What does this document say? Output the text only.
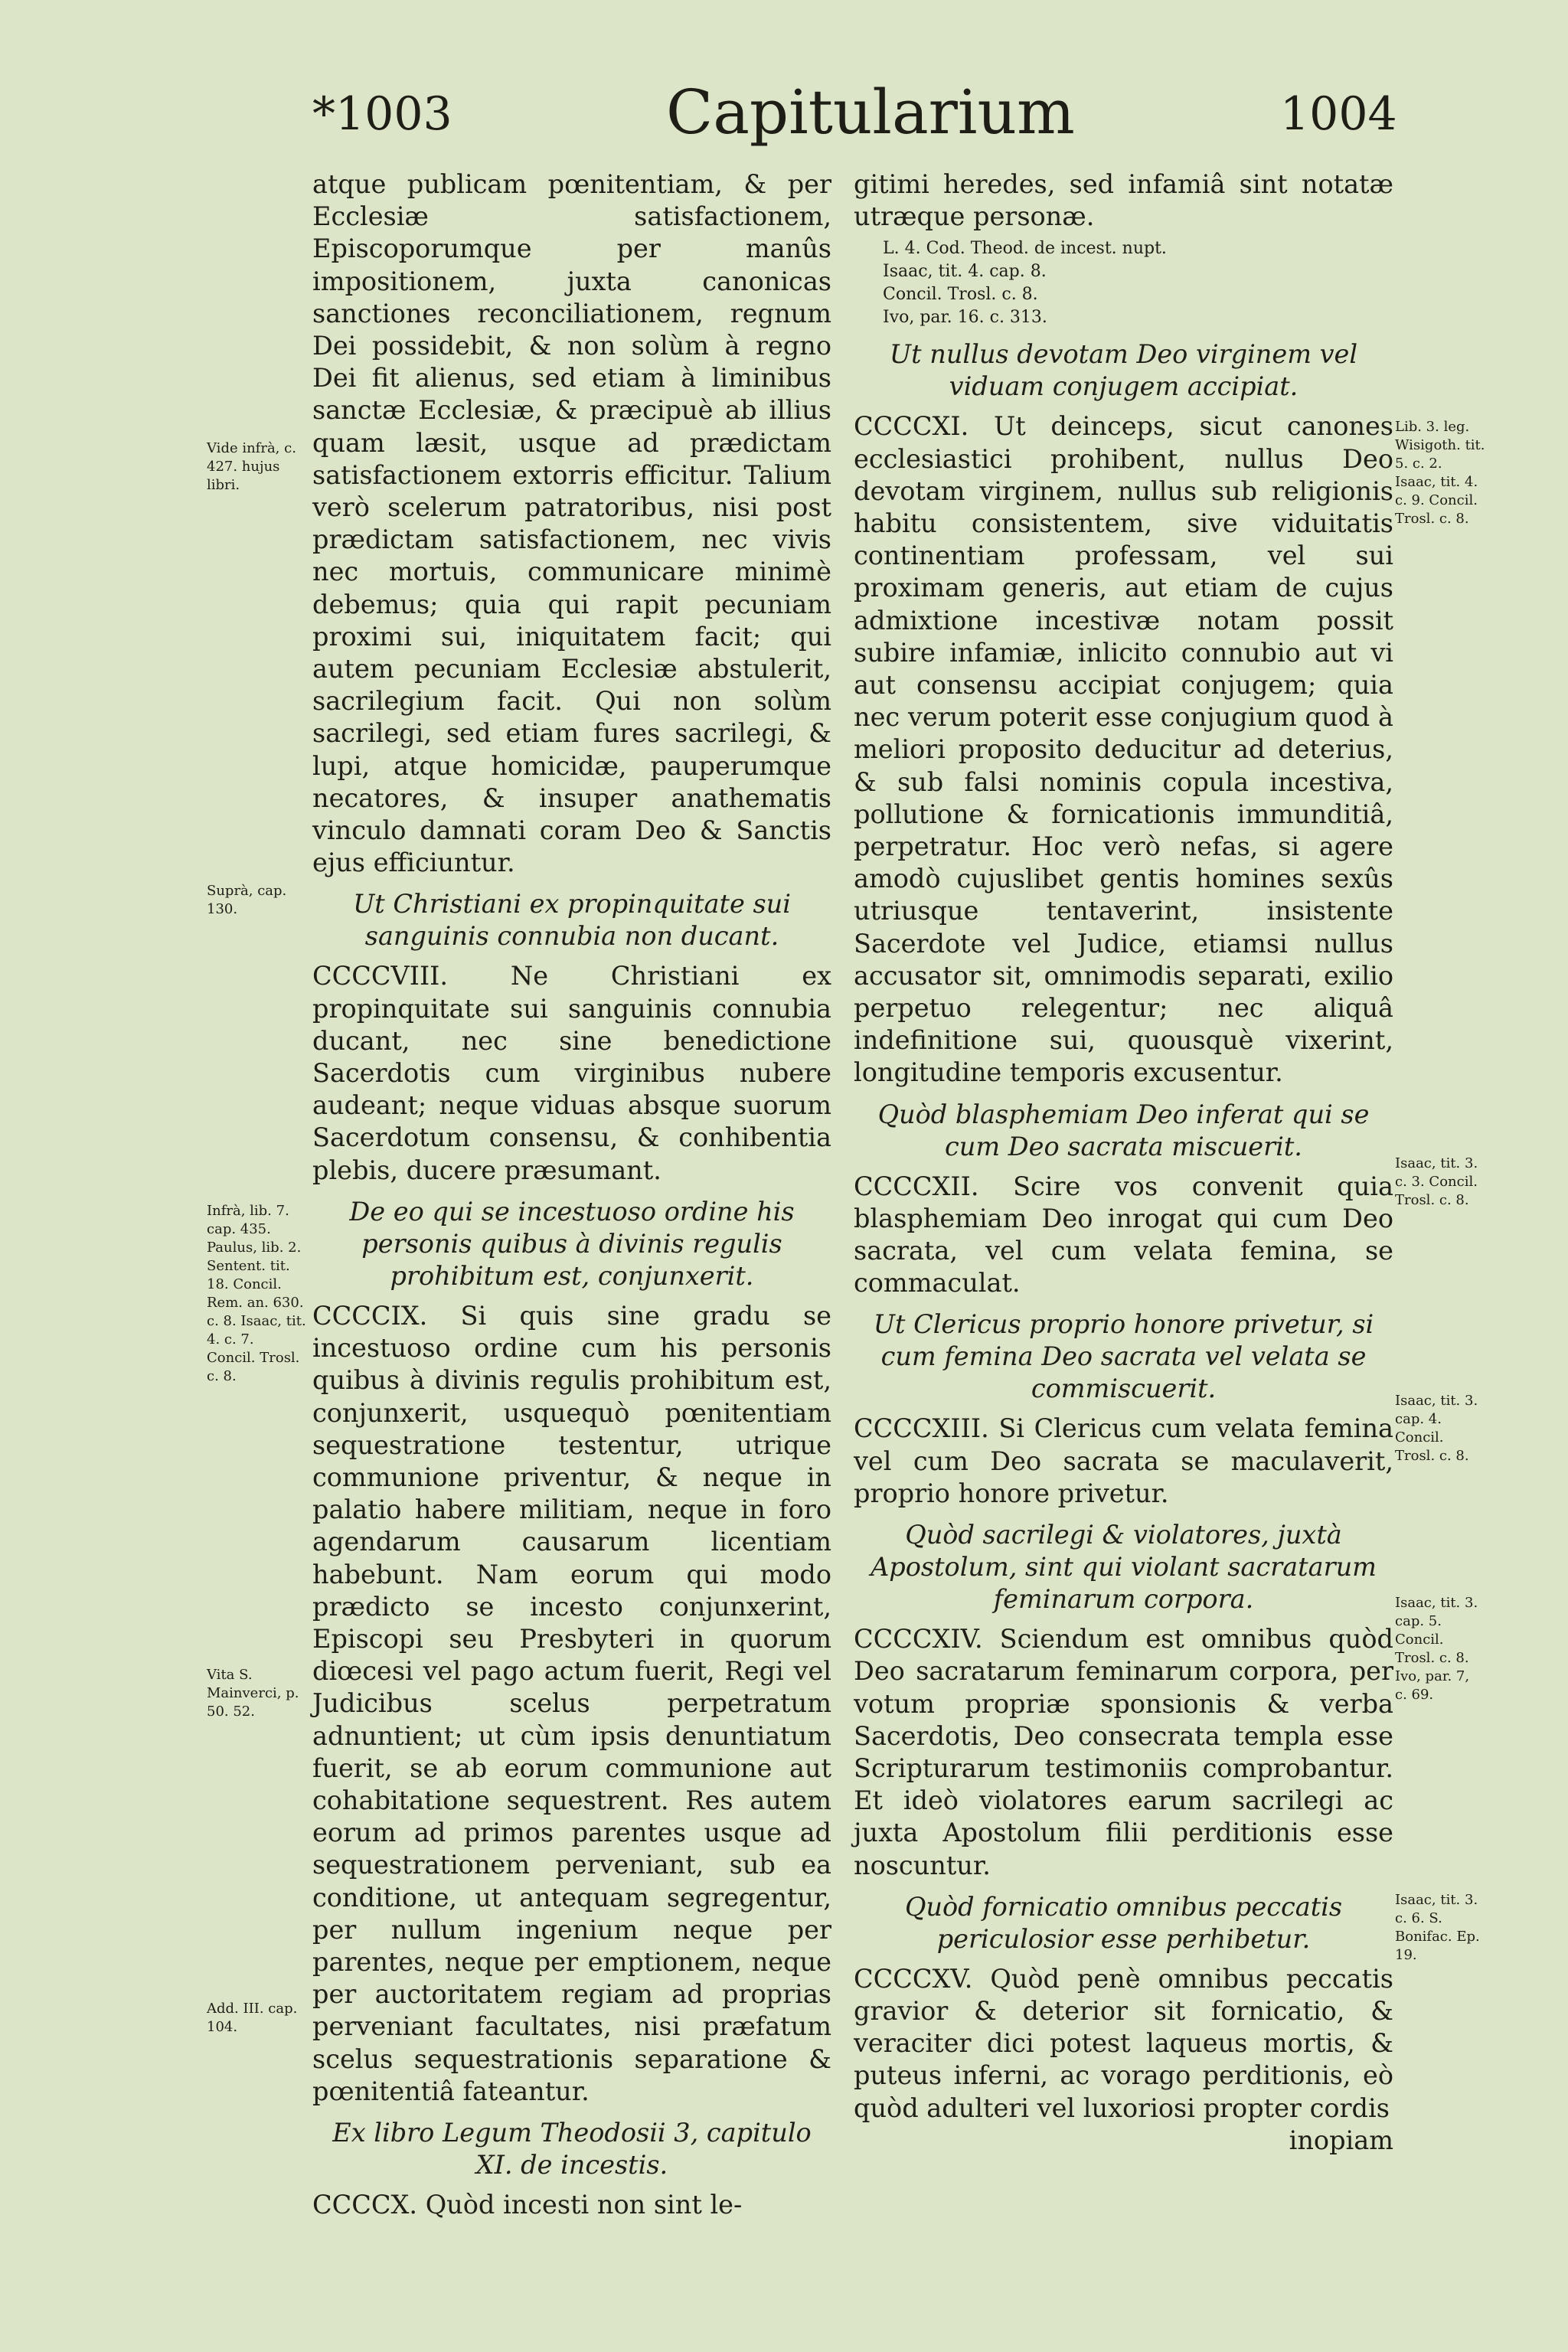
*1003	Capitularium	1004
Vide infrà, c. 427. hujus libri.
Suprà, cap. 130.
Infrà, lib. 7. cap. 435. Paulus, lib. 2. Sentent. tit. 18. Concil. Rem. an. 630. c. 8. Isaac, tit. 4. c. 7. Concil. Trosl. c. 8.
Vita S. Mainverci, p. 50. 52.
Add. III. cap. 104.
Lib. 3. leg. Wisigoth. tit. 5. c. 2. Isaac, tit. 4. c. 9. Concil. Trosl. c. 8.
Isaac, tit. 3. c. 3. Concil. Trosl. c. 8.
Isaac, tit. 3. cap. 4. Concil. Trosl. c. 8.
Isaac, tit. 3. cap. 5. Concil. Trosl. c. 8. Ivo, par. 7, c. 69.
Isaac, tit. 3. c. 6. S. Bonifac. Ep. 19.

atque publicam pœnitentiam, & per Ecclesiæ satisfactionem, Episcoporumque per manûs impositionem, juxta canonicas sanctiones reconciliationem, regnum Dei possidebit, & non solùm à regno Dei fit alienus, sed etiam à liminibus sanctæ Ecclesiæ, & præcipuè ab illius quam læsit, usque ad prædictam satisfactionem extorris efficitur. Talium verò scelerum patratoribus, nisi post prædictam satisfactionem, nec vivis nec mortuis, communicare minimè debemus; quia qui rapit pecuniam proximi sui, iniquitatem facit; qui autem pecuniam Ecclesiæ abstulerit, sacrilegium facit. Qui non solùm sacrilegi, sed etiam fures sacrilegi, & lupi, atque homicidæ, pauperumque necatores, & insuper anathematis vinculo damnati coram Deo & Sanctis ejus efficiuntur.

Ut Christiani ex propinquitate sui sanguinis connubia non ducant.

CCCCVIII. Ne Christiani ex propinquitate sui sanguinis connubia ducant, nec sine benedictione Sacerdotis cum virginibus nubere audeant; neque viduas absque suorum Sacerdotum consensu, & conhibentia plebis, ducere præsumant.

De eo qui se incestuoso ordine his personis quibus à divinis regulis prohibitum est, conjunxerit.

CCCCIX. Si quis sine gradu se incestuoso ordine cum his personis quibus à divinis regulis prohibitum est, conjunxerit, usquequò pœnitentiam sequestratione testentur, utrique communione priventur, & neque in palatio habere militiam, neque in foro agendarum causarum licentiam habebunt. Nam eorum qui modo prædicto se incesto conjunxerint, Episcopi seu Presbyteri in quorum diœcesi vel pago actum fuerit, Regi vel Judicibus scelus perpetratum adnuntient; ut cùm ipsis denuntiatum fuerit, se ab eorum communione aut cohabitatione sequestrent. Res autem eorum ad primos parentes usque ad sequestrationem perveniant, sub ea conditione, ut antequam segregentur, per nullum ingenium neque per parentes, neque per emptionem, neque per auctoritatem regiam ad proprias perveniant facultates, nisi præfatum scelus sequestrationis separatione & pœnitentiâ fateantur.

Ex libro Legum Theodosii 3, capitulo XI. de incestis.

CCCCX. Quòd incesti non sint le-

gitimi heredes, sed infamiâ sint notatæ utræque personæ.

L. 4. Cod. Theod. de incest. nupt.
Isaac, tit. 4. cap. 8.
Concil. Trosl. c. 8.
Ivo, par. 16. c. 313.

Ut nullus devotam Deo virginem vel viduam conjugem accipiat.

CCCCXI. Ut deinceps, sicut canones ecclesiastici prohibent, nullus Deo devotam virginem, nullus sub religionis habitu consistentem, sive viduitatis continentiam professam, vel sui proximam generis, aut etiam de cujus admixtione incestivæ notam possit subire infamiæ, inlicito connubio aut vi aut consensu accipiat conjugem; quia nec verum poterit esse conjugium quod à meliori proposito deducitur ad deterius, & sub falsi nominis copula incestiva, pollutione & fornicationis immunditiâ, perpetratur. Hoc verò nefas, si agere amodò cujuslibet gentis homines sexûs utriusque tentaverint, insistente Sacerdote vel Judice, etiamsi nullus accusator sit, omnimodis separati, exilio perpetuo relegentur; nec aliquâ indefinitione sui, quousquè vixerint, longitudine temporis excusentur.

Quòd blasphemiam Deo inferat qui se cum Deo sacrata miscuerit.

CCCCXII. Scire vos convenit quia blasphemiam Deo inrogat qui cum Deo sacrata, vel cum velata femina, se commaculat.

Ut Clericus proprio honore privetur, si cum femina Deo sacrata vel velata se commiscuerit.

CCCCXIII. Si Clericus cum velata femina vel cum Deo sacrata se maculaverit, proprio honore privetur.

Quòd sacrilegi & violatores, juxtà Apostolum, sint qui violant sacratarum feminarum corpora.

CCCCXIV. Sciendum est omnibus quòd Deo sacratarum feminarum corpora, per votum propriæ sponsionis & verba Sacerdotis, Deo consecrata templa esse Scripturarum testimoniis comprobantur. Et ideò violatores earum sacrilegi ac juxta Apostolum filii perditionis esse noscuntur.

Quòd fornicatio omnibus peccatis periculosior esse perhibetur.

CCCCXV. Quòd penè omnibus peccatis gravior & deterior sit fornicatio, & veraciter dici potest laqueus mortis, & puteus inferni, ac vorago perditionis, eò quòd adulteri vel luxoriosi propter cordis

inopiam
